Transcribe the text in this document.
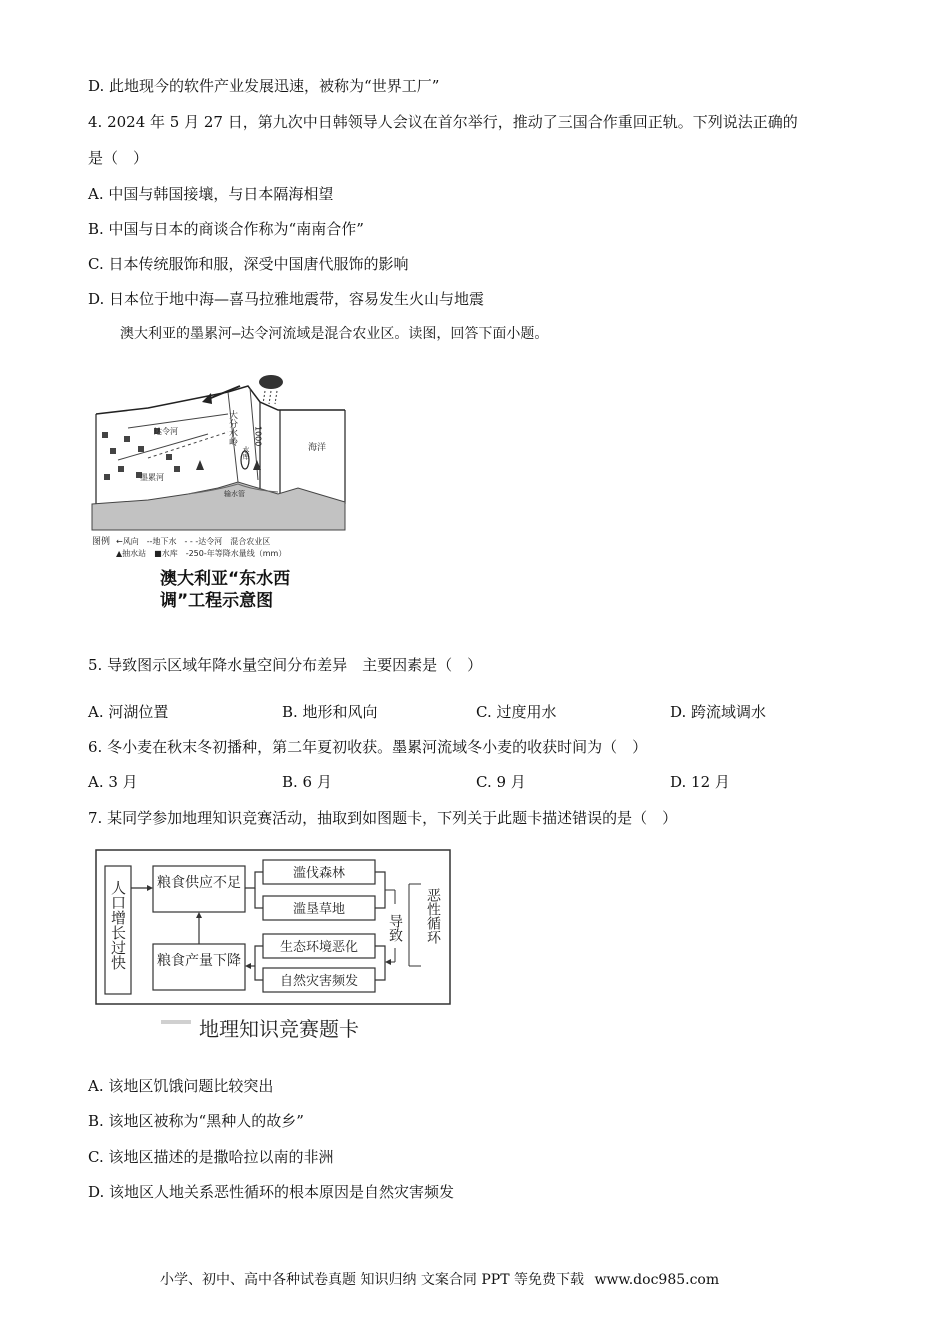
D. 此地现今的软件产业发展迅速，被称为“世界工厂”
4. 2024 年 5 月 27 日，第九次中日韩领导人会议在首尔举行，推动了三国合作重回正轨。下列说法正确的
是（　）
A. 中国与韩国接壤，与日本隔海相望
B. 中国与日本的商谈合作称为“南南合作”
C. 日本传统服饰和服，深受中国唐代服饰的影响
D. 日本位于地中海—喜马拉雅地震带，容易发生火山与地震
澳大利亚的墨累河—达令河流域是混合农业区。读图，回答下面小题。
大分水岭 1000
水库	海洋
达令河
墨累河
输水管
图例 ←风向　--地下水　- - -达令河　混合农业区
▲抽水站　■水库　-250-年等降水量线（mm）
澳大利亚“东水西
调”工程示意图
5. 导致图示区域年降水量空间分布差异　主要因素是（　）
A. 河湖位置	B. 地形和风向	C. 过度用水	D. 跨流域调水
6. 冬小麦在秋末冬初播种，第二年夏初收获。墨累河流域冬小麦的收获时间为（　）
A. 3 月	B. 6 月	C. 9 月	D. 12 月
7. 某同学参加地理知识竞赛活动，抽取到如图题卡，下列关于此题卡描述错误的是（　）
人口增长过快 粮食供应不足
粮食产量下降
滥伐森林
滥垦草地
生态环境恶化
自然灾害频发
导致 恶性循环
地理知识竞赛题卡
A. 该地区饥饿问题比较突出
B. 该地区被称为“黑种人的故乡”
C. 该地区描述的是撒哈拉以南的非洲
D. 该地区人地关系恶性循环的根本原因是自然灾害频发
小学、初中、高中各种试卷真题 知识归纳 文案合同 PPT 等免费下载 www.doc985.com
